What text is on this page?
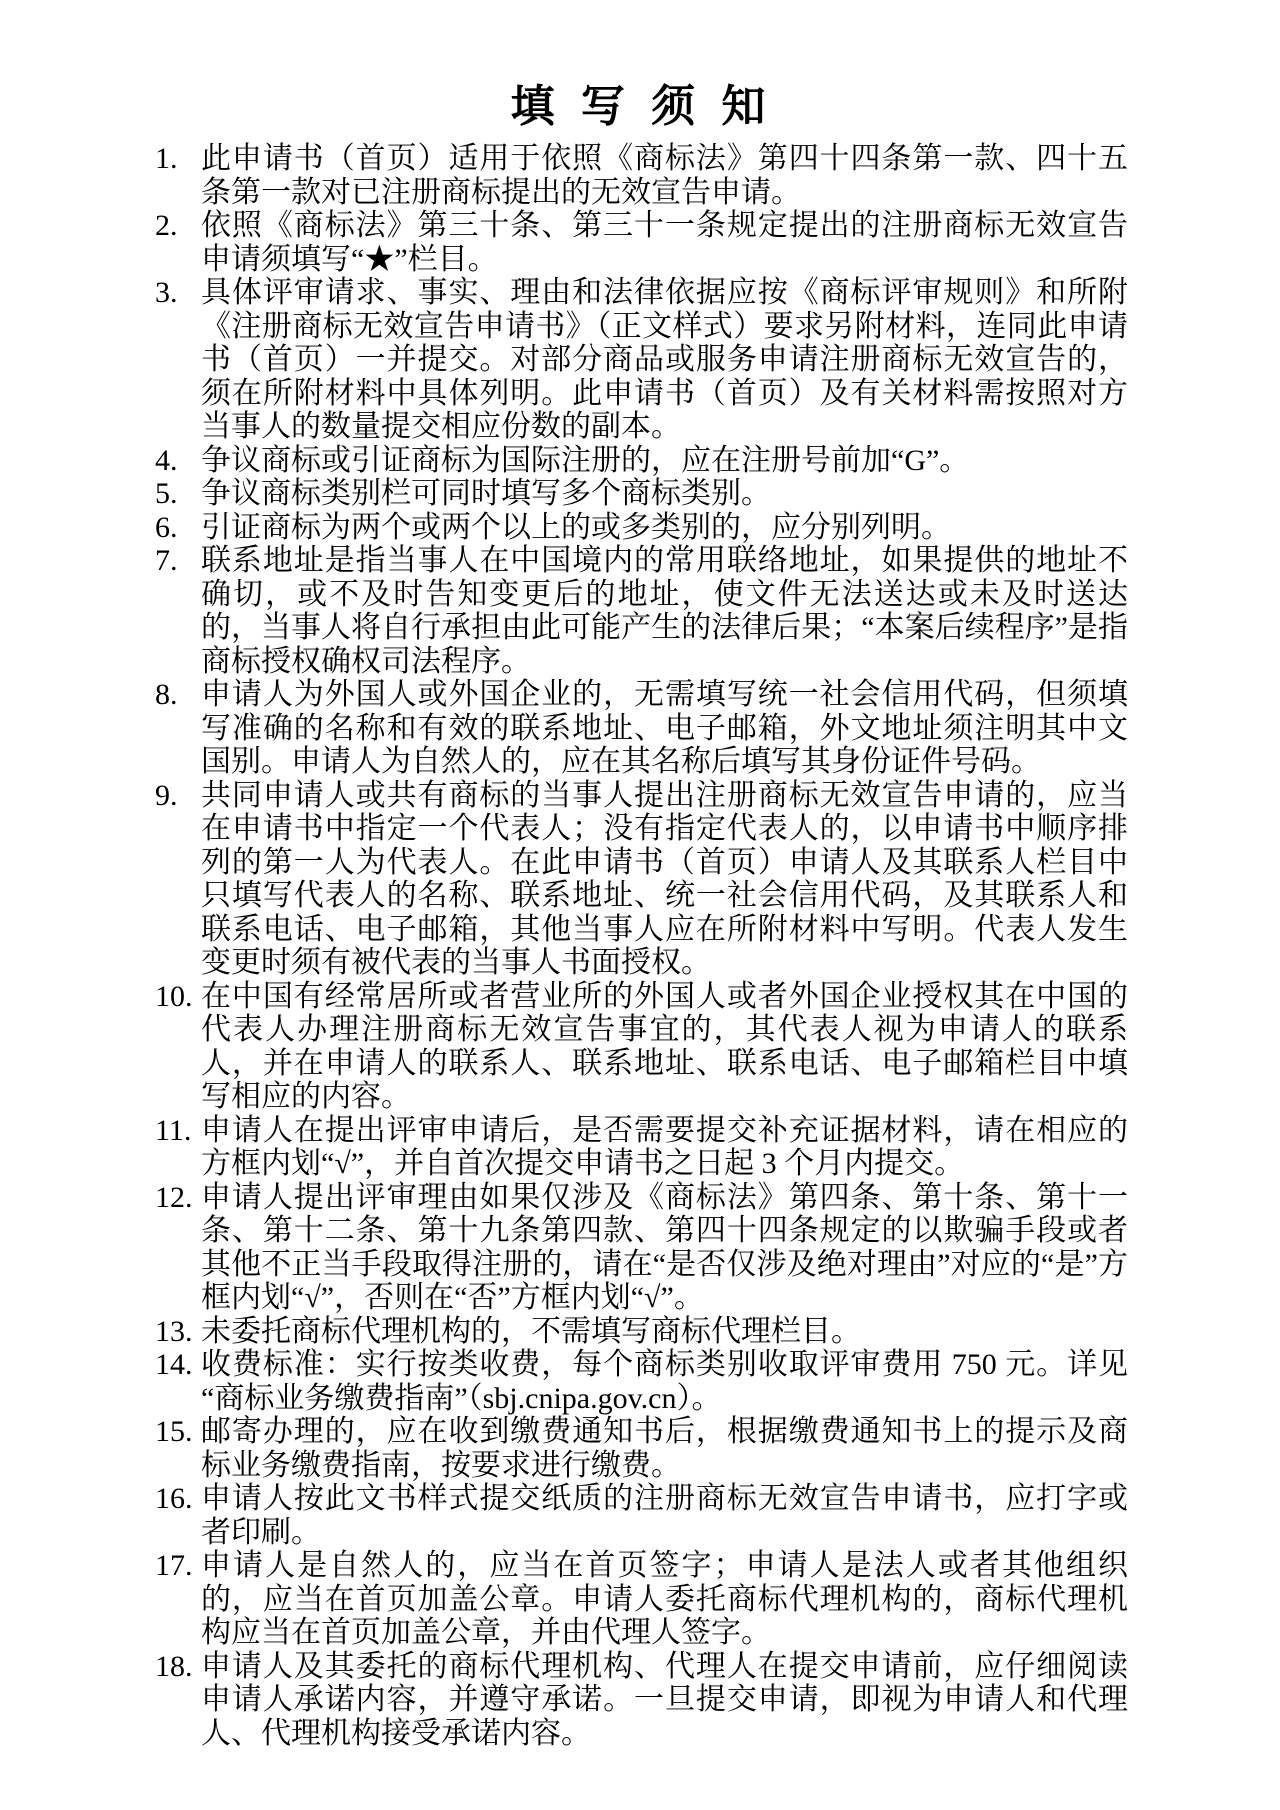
填 写 须 知
1. 此申请书（首页）适用于依照《商标法》第四十四条第一款、四十五条第一款对已注册商标提出的无效宣告申请。
2. 依照《商标法》第三十条、第三十一条规定提出的注册商标无效宣告申请须填写“★”栏目。
3. 具体评审请求、事实、理由和法律依据应按《商标评审规则》和所附《注册商标无效宣告申请书》（正文样式）要求另附材料，连同此申请书（首页）一并提交。对部分商品或服务申请注册商标无效宣告的，须在所附材料中具体列明。此申请书（首页）及有关材料需按照对方当事人的数量提交相应份数的副本。
4. 争议商标或引证商标为国际注册的，应在注册号前加“G”。
5. 争议商标类别栏可同时填写多个商标类别。
6. 引证商标为两个或两个以上的或多类别的，应分别列明。
7. 联系地址是指当事人在中国境内的常用联络地址，如果提供的地址不确切，或不及时告知变更后的地址，使文件无法送达或未及时送达的，当事人将自行承担由此可能产生的法律后果；“本案后续程序”是指商标授权确权司法程序。
8. 申请人为外国人或外国企业的，无需填写统一社会信用代码，但须填写准确的名称和有效的联系地址、电子邮箱，外文地址须注明其中文国别。申请人为自然人的，应在其名称后填写其身份证件号码。
9. 共同申请人或共有商标的当事人提出注册商标无效宣告申请的，应当在申请书中指定一个代表人；没有指定代表人的，以申请书中顺序排列的第一人为代表人。在此申请书（首页）申请人及其联系人栏目中只填写代表人的名称、联系地址、统一社会信用代码，及其联系人和联系电话、电子邮箱，其他当事人应在所附材料中写明。代表人发生变更时须有被代表的当事人书面授权。
10. 在中国有经常居所或者营业所的外国人或者外国企业授权其在中国的代表人办理注册商标无效宣告事宜的，其代表人视为申请人的联系人，并在申请人的联系人、联系地址、联系电话、电子邮箱栏目中填写相应的内容。
11. 申请人在提出评审申请后，是否需要提交补充证据材料，请在相应的方框内划“√”，并自首次提交申请书之日起 3 个月内提交。
12. 申请人提出评审理由如果仅涉及《商标法》第四条、第十条、第十一条、第十二条、第十九条第四款、第四十四条规定的以欺骗手段或者其他不正当手段取得注册的，请在“是否仅涉及绝对理由”对应的“是”方框内划“√”，否则在“否”方框内划“√”。
13. 未委托商标代理机构的，不需填写商标代理栏目。
14. 收费标准：实行按类收费，每个商标类别收取评审费用 750 元。详见“商标业务缴费指南”（sbj.cnipa.gov.cn）。
15. 邮寄办理的，应在收到缴费通知书后，根据缴费通知书上的提示及商标业务缴费指南，按要求进行缴费。
16. 申请人按此文书样式提交纸质的注册商标无效宣告申请书，应打字或者印刷。
17. 申请人是自然人的，应当在首页签字；申请人是法人或者其他组织的，应当在首页加盖公章。申请人委托商标代理机构的，商标代理机构应当在首页加盖公章，并由代理人签字。
18. 申请人及其委托的商标代理机构、代理人在提交申请前，应仔细阅读申请人承诺内容，并遵守承诺。一旦提交申请，即视为申请人和代理人、代理机构接受承诺内容。
